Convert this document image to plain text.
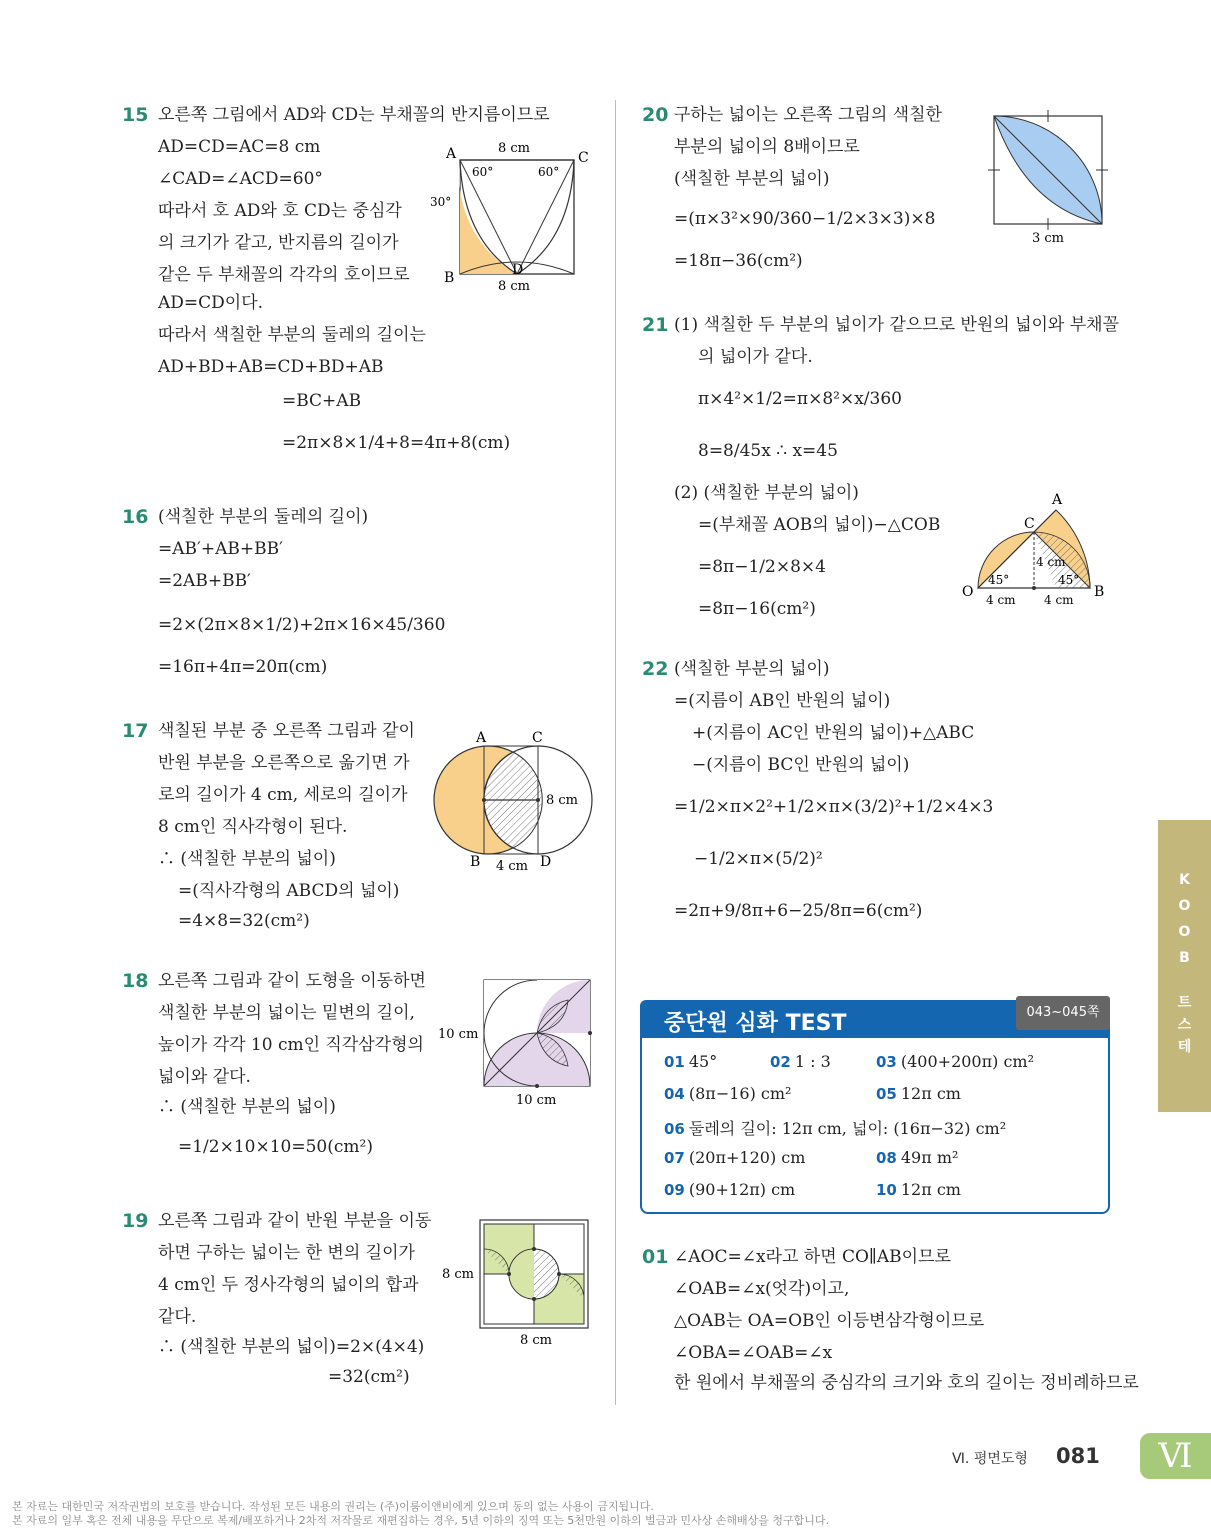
15 오른쪽 그림에서 AD와 CD는 부채꼴의 반지름이므로
AD=CD=AC=8 cm
∠CAD=∠ACD=60°
따라서 호 AD와 호 CD는 중심각
의 크기가 같고, 반지름의 길이가
같은 두 부채꼴의 각각의 호이므로
AD=CD이다.
따라서 색칠한 부분의 둘레의 길이는
AD+BD+AB=CD+BD+AB
=BC+AB
=2π×8×1/4+8=4π+8(cm)
A	C
B	D
8 cm
8 cm
60°	60°
30°
16 (색칠한 부분의 둘레의 길이)
=AB′+AB+BB′
=2AB+BB′
=2×(2π×8×1/2)+2π×16×45/360
=16π+4π=20π(cm)
17 색칠된 부분 중 오른쪽 그림과 같이
반원 부분을 오른쪽으로 옮기면 가
로의 길이가 4 cm, 세로의 길이가
8 cm인 직사각형이 된다.
∴ (색칠한 부분의 넓이)
=(직사각형의 ABCD의 넓이)
=4×8=32(cm²)
A	C
B	D
8 cm
4 cm
18 오른쪽 그림과 같이 도형을 이동하면
색칠한 부분의 넓이는 밑변의 길이,
높이가 각각 10 cm인 직각삼각형의
넓이와 같다.
∴ (색칠한 부분의 넓이)
=1/2×10×10=50(cm²)
10 cm
10 cm
19 오른쪽 그림과 같이 반원 부분을 이동
하면 구하는 넓이는 한 변의 길이가
4 cm인 두 정사각형의 넓이의 합과
같다.
∴ (색칠한 부분의 넓이)=2×(4×4)
=32(cm²)
8 cm
8 cm
20 구하는 넓이는 오른쪽 그림의 색칠한
부분의 넓이의 8배이므로
(색칠한 부분의 넓이)
=(π×3²×90/360−1/2×3×3)×8
=18π−36(cm²)
3 cm
21 (1) 색칠한 두 부분의 넓이가 같으므로 반원의 넓이와 부채꼴
의 넓이가 같다.
π×4²×1/2=π×8²×x/360
8=8/45x ∴ x=45
(2) (색칠한 부분의 넓이)
=(부채꼴 AOB의 넓이)−△COB
=8π−1/2×8×4
=8π−16(cm²)
A
C
O	B
4 cm
4 cm 4 cm
45°	45°
22 (색칠한 부분의 넓이)
=(지름이 AB인 반원의 넓이)
+(지름이 AC인 반원의 넓이)+△ABC
−(지름이 BC인 반원의 넓이)
=1/2×π×2²+1/2×π×(3/2)²+1/2×4×3
−1/2×π×(5/2)²
=2π+9/8π+6−25/8π=6(cm²)
01 45°	02 1 : 3	03 (400+200π) cm²
04 (8π−16) cm²	05 12π cm
06 둘레의 길이: 12π cm, 넓이: (16π−32) cm²
07 (20π+120) cm	08 49π m²
09 (90+12π) cm	10 12π cm
중단원 심화 TEST	043~045쪽
01 ∠AOC=∠x라고 하면 CO∥AB이므로
∠OAB=∠x(엇각)이고,
△OAB는 OA=OB인 이등변삼각형이므로
∠OBA=∠OAB=∠x
한 원에서 부채꼴의 중심각의 크기와 호의 길이는 정비례하므로
테
스
트
B
O
O
K
Ⅵ. 평면도형 081	Ⅵ
본 자료는 대한민국 저작권법의 보호를 받습니다. 작성된 모든 내용의 권리는 (주)이룸이앤비에게 있으며 동의 없는 사용이 금지됩니다.
본 자료의 일부 혹은 전체 내용을 무단으로 복제/배포하거나 2차적 저작물로 재편집하는 경우, 5년 이하의 징역 또는 5천만원 이하의 벌금과 민사상 손해배상을 청구합니다.
